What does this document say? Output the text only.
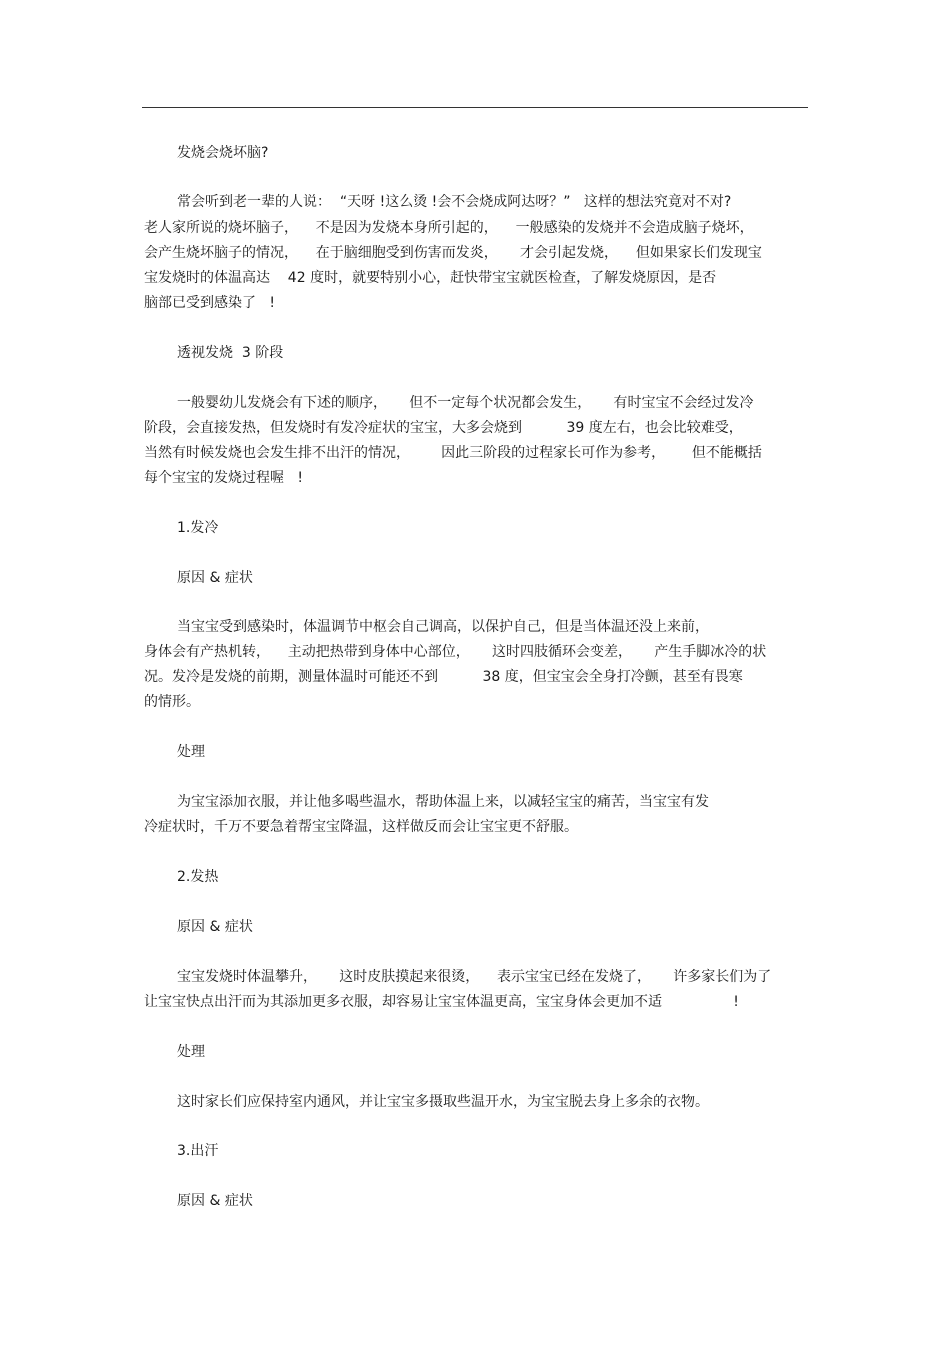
发烧会烧坏脑?
常会听到老一辈的人说：  “天呀 !这么烫 !会不会烧成阿达呀？”   这样的想法究竟对不对?
老人家所说的烧坏脑子，    不是因为发烧本身所引起的，    一般感染的发烧并不会造成脑子烧坏，
会产生烧坏脑子的情况，    在于脑细胞受到伤害而发炎，     才会引起发烧，    但如果家长们发现宝
宝发烧时的体温高达    42 度时，就要特别小心，赶快带宝宝就医检查，了解发烧原因，是否
脑部已受到感染了   !
透视发烧  3 阶段
一般婴幼儿发烧会有下述的顺序，     但不一定每个状况都会发生，     有时宝宝不会经过发冷
阶段，会直接发热，但发烧时有发冷症状的宝宝，大多会烧到          39 度左右，也会比较难受，
当然有时候发烧也会发生排不出汗的情况，       因此三阶段的过程家长可作为参考，      但不能概括
每个宝宝的发烧过程喔   !
1.发冷
原因 & 症状
当宝宝受到感染时，体温调节中枢会自己调高，以保护自己，但是当体温还没上来前，
身体会有产热机转，    主动把热带到身体中心部位，     这时四肢循环会变差，     产生手脚冰冷的状
况。发冷是发烧的前期，测量体温时可能还不到          38 度，但宝宝会全身打冷颤，甚至有畏寒
的情形。
处理
为宝宝添加衣服，并让他多喝些温水，帮助体温上来，以减轻宝宝的痛苦，当宝宝有发
冷症状时，千万不要急着帮宝宝降温，这样做反而会让宝宝更不舒服。
2.发热
原因 & 症状
宝宝发烧时体温攀升，     这时皮肤摸起来很烫，    表示宝宝已经在发烧了，     许多家长们为了
让宝宝快点出汗而为其添加更多衣服，却容易让宝宝体温更高，宝宝身体会更加不适                !
处理
这时家长们应保持室内通风，并让宝宝多摄取些温开水，为宝宝脱去身上多余的衣物。
3.出汗
原因 & 症状
